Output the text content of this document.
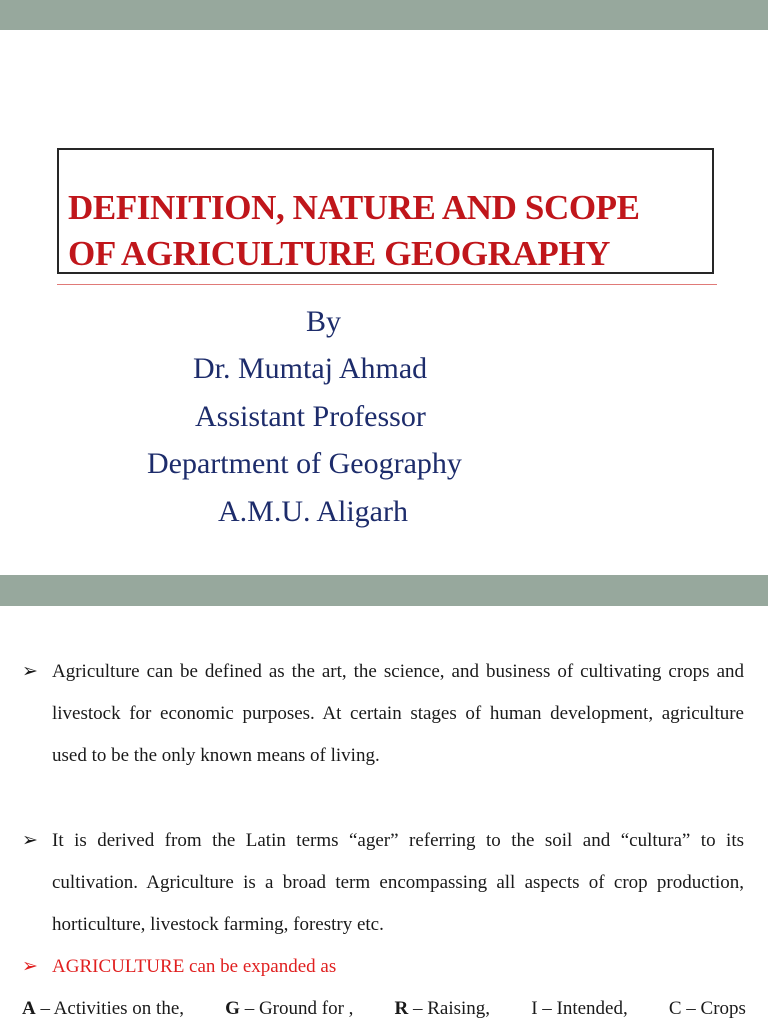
DEFINITION, NATURE AND SCOPE
OF AGRICULTURE GEOGRAPHY
By
Dr. Mumtaj Ahmad
Assistant Professor
Department of Geography
A.M.U. Aligarh
➢ Agriculture can be defined as the art, the science, and business of cultivating crops and livestock for economic purposes. At certain stages of human development, agriculture used to be the only known means of living.
➢ It is derived from the Latin terms “ager” referring to the soil and “cultura” to its cultivation. Agriculture is a broad term encompassing all aspects of crop production, horticulture, livestock farming, forestry etc.
➢ AGRICULTURE can be expanded as
A – Activities on the, G – Ground for , R – Raising, I – Intended, C – Crops
